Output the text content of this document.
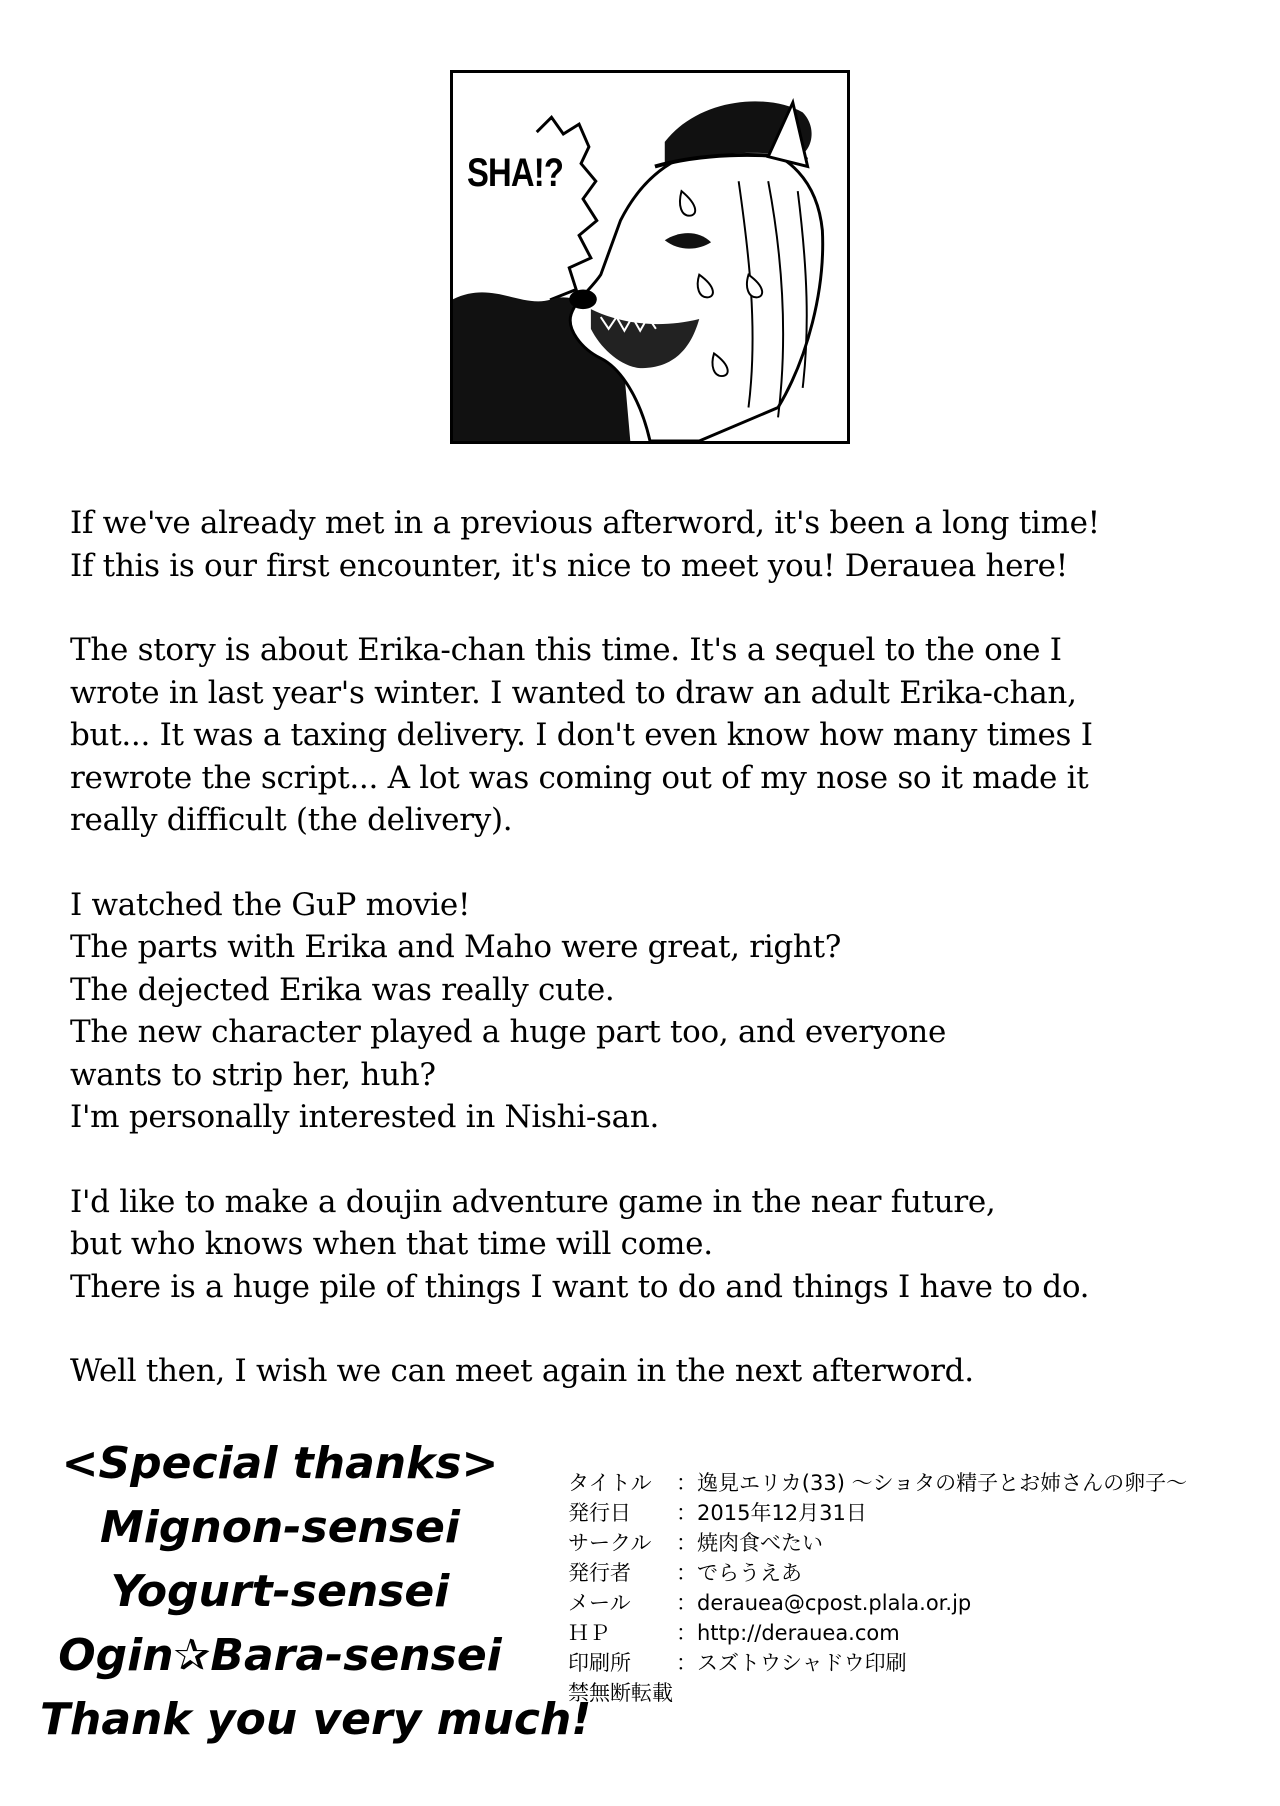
SHA!?

If we've already met in a previous afterword, it's been a long time!
If this is our first encounter, it's nice to meet you! Derauea here!

The story is about Erika-chan this time. It's a sequel to the one I
wrote in last year's winter. I wanted to draw an adult Erika-chan,
but... It was a taxing delivery. I don't even know how many times I
rewrote the script... A lot was coming out of my nose so it made it
really difficult (the delivery).

I watched the GuP movie!
The parts with Erika and Maho were great, right?
The dejected Erika was really cute.
The new character played a huge part too, and everyone
wants to strip her, huh?
I'm personally interested in Nishi-san.

I'd like to make a doujin adventure game in the near future,
but who knows when that time will come.
There is a huge pile of things I want to do and things I have to do.

Well then, I wish we can meet again in the next afterword.

<Special thanks>
Mignon-sensei
Yogurt-sensei
Ogin✰Bara-sensei
Thank you very much!
タイトル	：逸見エリカ(33) ～ショタの精子とお姉さんの卵子～
発行日	：2015年12月31日
サークル	：焼肉食べたい
発行者	：でらうえあ
メール	：derauea@cpost.plala.or.jp
ＨＰ	：http://derauea.com
印刷所	：スズトウシャドウ印刷
禁無断転載
